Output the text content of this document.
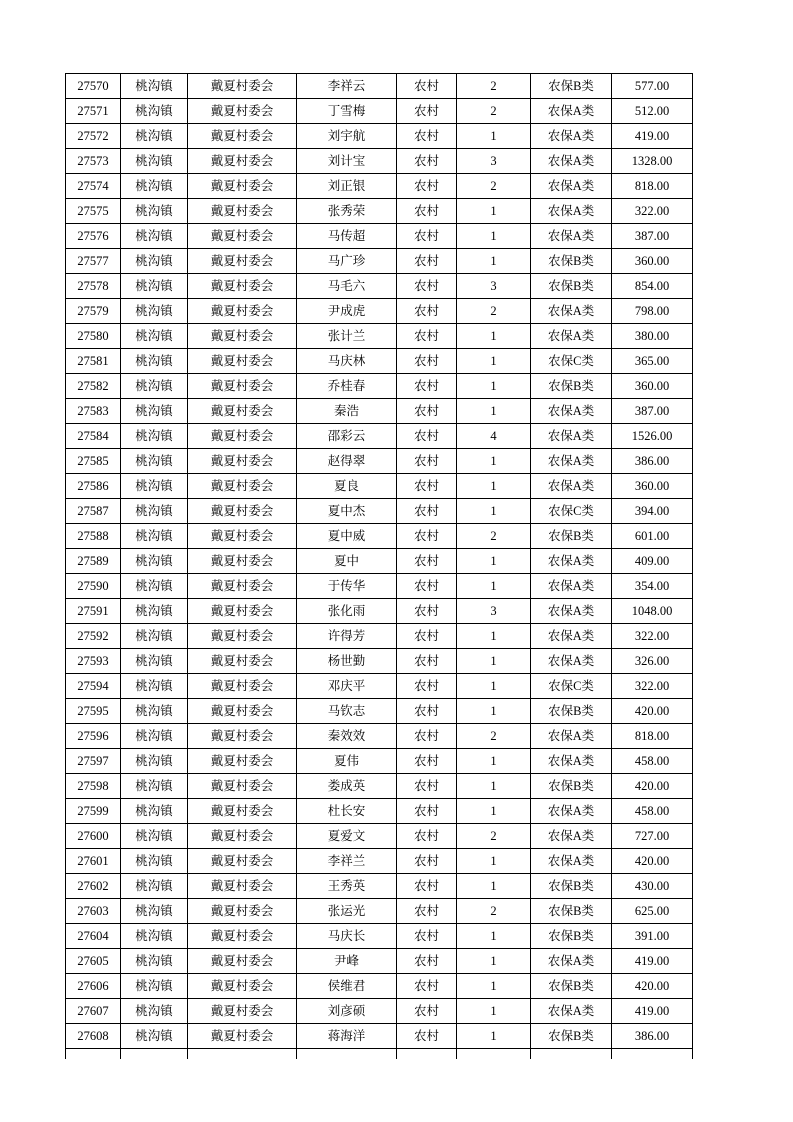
27570	桃沟镇	戴夏村委会	李祥云	农村	2	农保B类	577.00
27571	桃沟镇	戴夏村委会	丁雪梅	农村	2	农保A类	512.00
27572	桃沟镇	戴夏村委会	刘宇航	农村	1	农保A类	419.00
27573	桃沟镇	戴夏村委会	刘计宝	农村	3	农保A类	1328.00
27574	桃沟镇	戴夏村委会	刘正银	农村	2	农保A类	818.00
27575	桃沟镇	戴夏村委会	张秀荣	农村	1	农保A类	322.00
27576	桃沟镇	戴夏村委会	马传超	农村	1	农保A类	387.00
27577	桃沟镇	戴夏村委会	马广珍	农村	1	农保B类	360.00
27578	桃沟镇	戴夏村委会	马毛六	农村	3	农保B类	854.00
27579	桃沟镇	戴夏村委会	尹成虎	农村	2	农保A类	798.00
27580	桃沟镇	戴夏村委会	张计兰	农村	1	农保A类	380.00
27581	桃沟镇	戴夏村委会	马庆林	农村	1	农保C类	365.00
27582	桃沟镇	戴夏村委会	乔桂春	农村	1	农保B类	360.00
27583	桃沟镇	戴夏村委会	秦浩	农村	1	农保A类	387.00
27584	桃沟镇	戴夏村委会	邵彩云	农村	4	农保A类	1526.00
27585	桃沟镇	戴夏村委会	赵得翠	农村	1	农保A类	386.00
27586	桃沟镇	戴夏村委会	夏良	农村	1	农保A类	360.00
27587	桃沟镇	戴夏村委会	夏中杰	农村	1	农保C类	394.00
27588	桃沟镇	戴夏村委会	夏中威	农村	2	农保B类	601.00
27589	桃沟镇	戴夏村委会	夏中	农村	1	农保A类	409.00
27590	桃沟镇	戴夏村委会	于传华	农村	1	农保A类	354.00
27591	桃沟镇	戴夏村委会	张化雨	农村	3	农保A类	1048.00
27592	桃沟镇	戴夏村委会	许得芳	农村	1	农保A类	322.00
27593	桃沟镇	戴夏村委会	杨世勤	农村	1	农保A类	326.00
27594	桃沟镇	戴夏村委会	邓庆平	农村	1	农保C类	322.00
27595	桃沟镇	戴夏村委会	马钦志	农村	1	农保B类	420.00
27596	桃沟镇	戴夏村委会	秦效效	农村	2	农保A类	818.00
27597	桃沟镇	戴夏村委会	夏伟	农村	1	农保A类	458.00
27598	桃沟镇	戴夏村委会	娄成英	农村	1	农保B类	420.00
27599	桃沟镇	戴夏村委会	杜长安	农村	1	农保A类	458.00
27600	桃沟镇	戴夏村委会	夏爱文	农村	2	农保A类	727.00
27601	桃沟镇	戴夏村委会	李祥兰	农村	1	农保A类	420.00
27602	桃沟镇	戴夏村委会	王秀英	农村	1	农保B类	430.00
27603	桃沟镇	戴夏村委会	张运光	农村	2	农保B类	625.00
27604	桃沟镇	戴夏村委会	马庆长	农村	1	农保B类	391.00
27605	桃沟镇	戴夏村委会	尹峰	农村	1	农保A类	419.00
27606	桃沟镇	戴夏村委会	侯维君	农村	1	农保B类	420.00
27607	桃沟镇	戴夏村委会	刘彦硕	农村	1	农保A类	419.00
27608	桃沟镇	戴夏村委会	蒋海洋	农村	1	农保B类	386.00
